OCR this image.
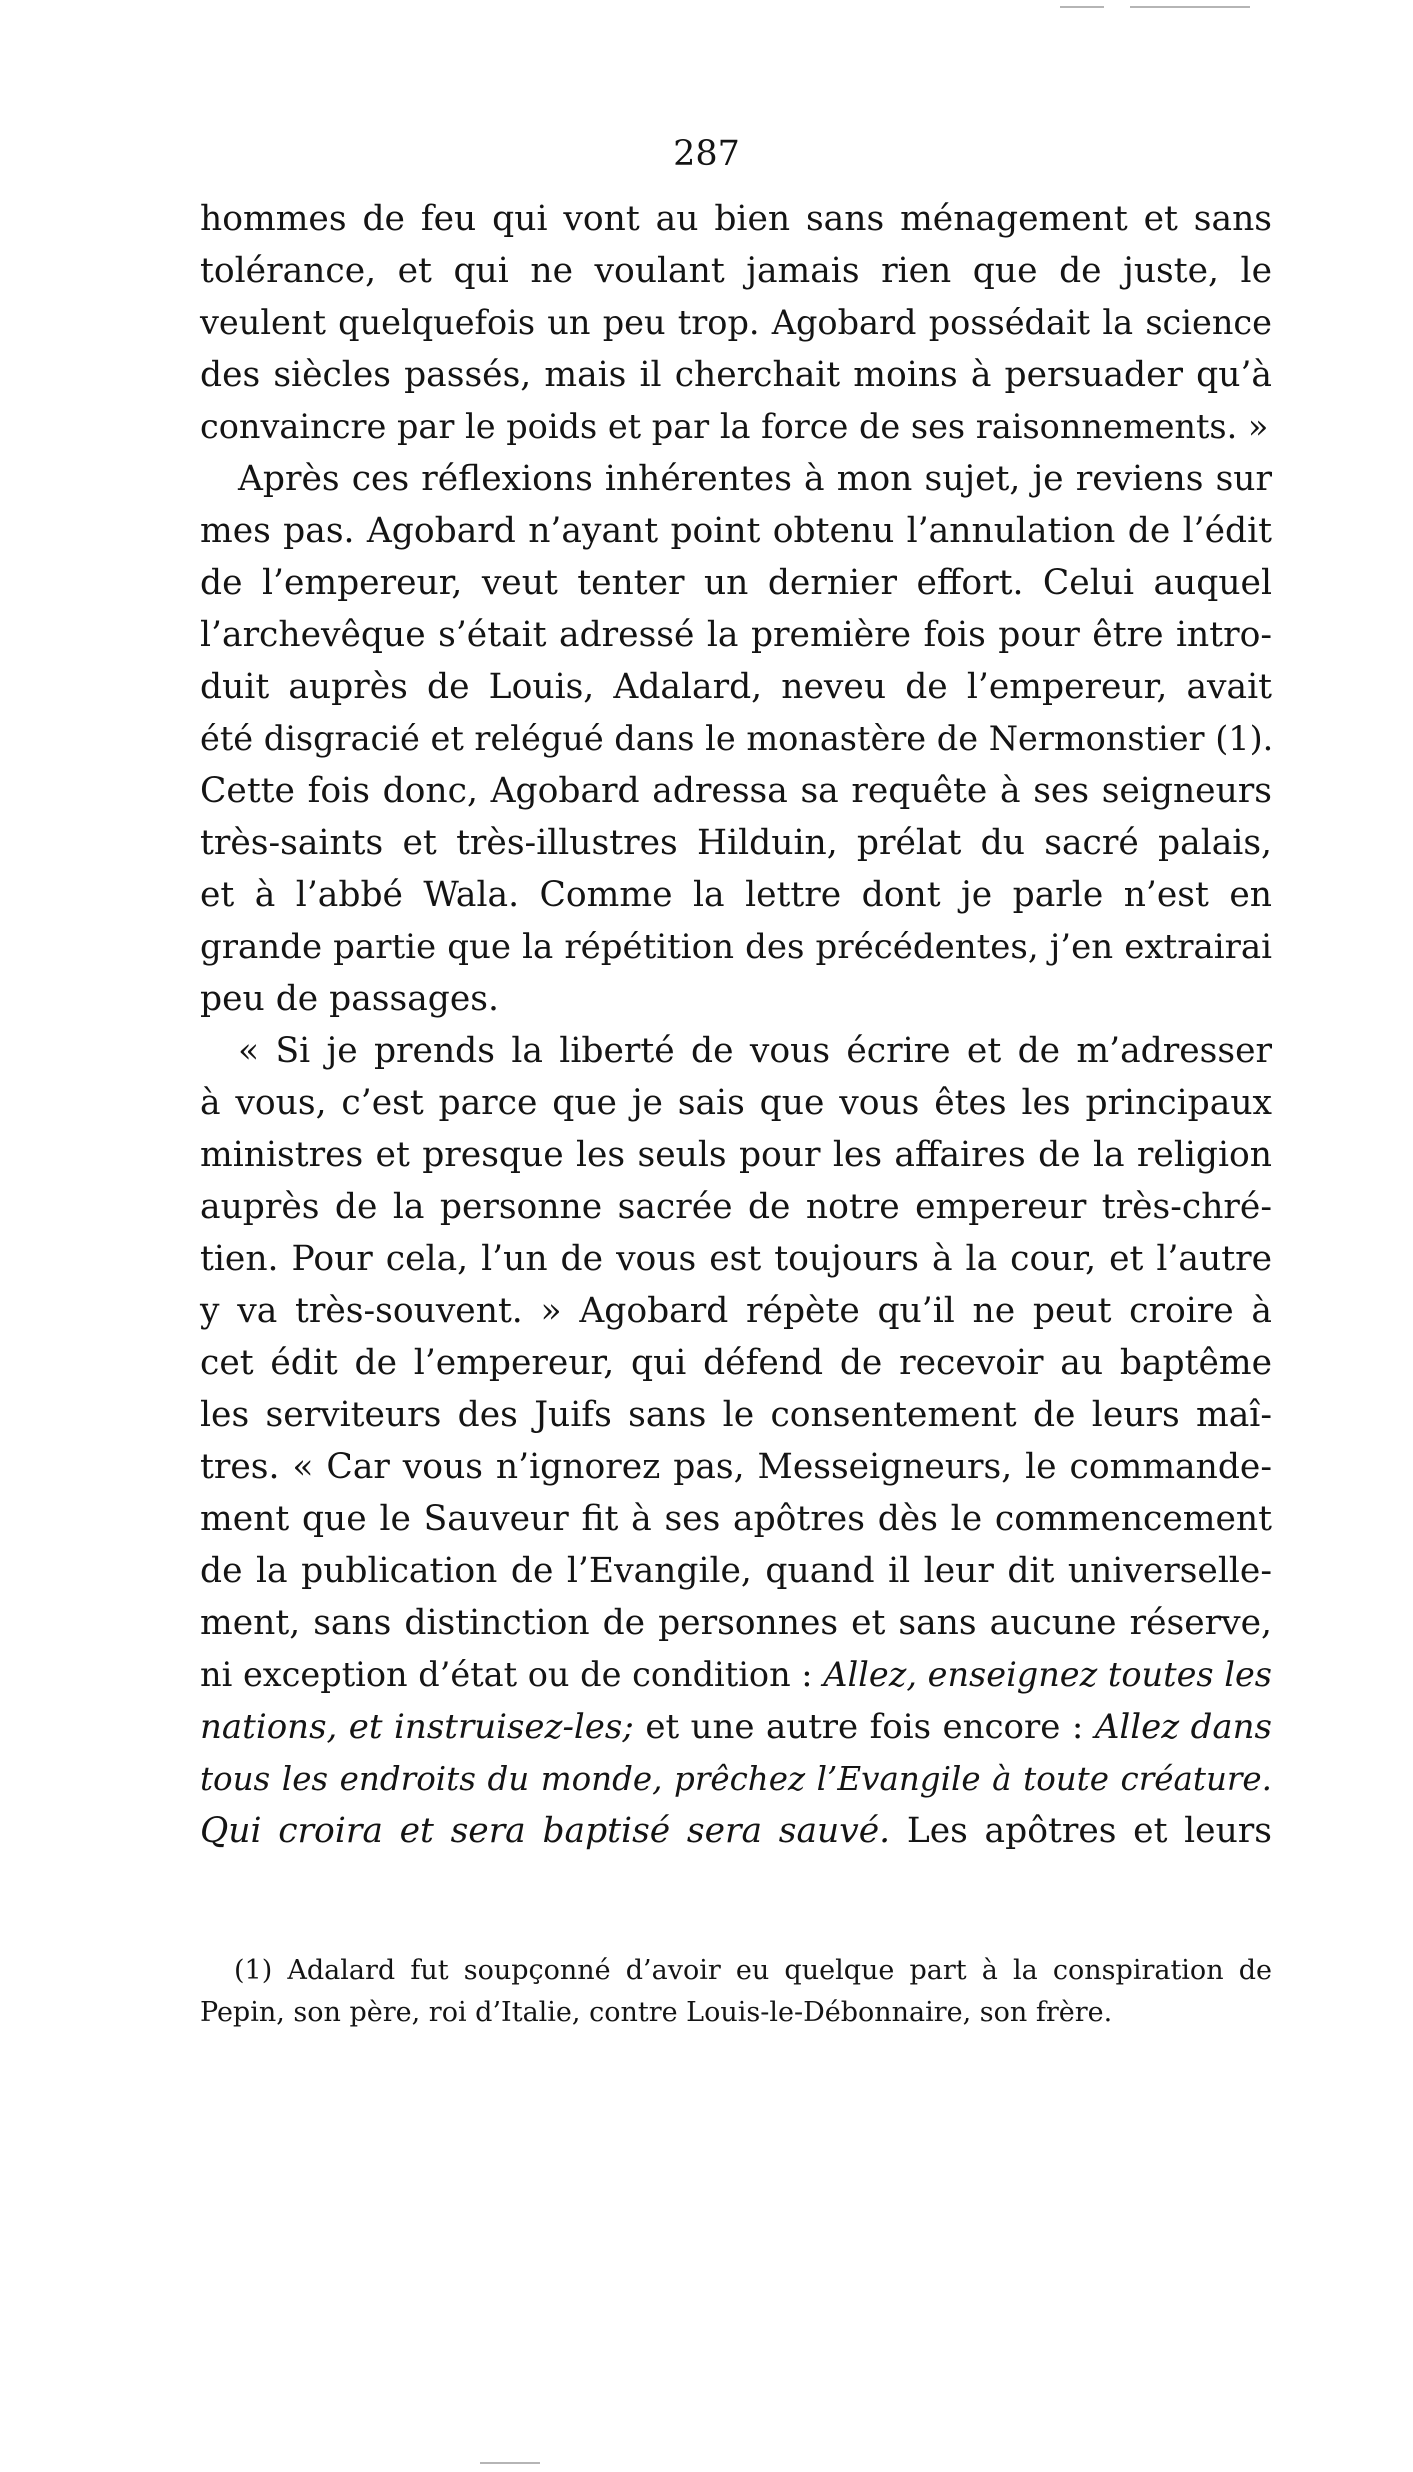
287
hommes de feu qui vont au bien sans ménagement et sans
tolérance, et qui ne voulant jamais rien que de juste, le
veulent quelquefois un peu trop. Agobard possédait la science
des siècles passés, mais il cherchait moins à persuader qu’à
convaincre par le poids et par la force de ses raisonnements. »
Après ces réflexions inhérentes à mon sujet, je reviens sur
mes pas. Agobard n’ayant point obtenu l’annulation de l’édit
de l’empereur, veut tenter un dernier effort. Celui auquel
l’archevêque s’était adressé la première fois pour être intro-
duit auprès de Louis, Adalard, neveu de l’empereur, avait
été disgracié et relégué dans le monastère de Nermonstier (1).
Cette fois donc, Agobard adressa sa requête à ses seigneurs
très-saints et très-illustres Hilduin, prélat du sacré palais,
et à l’abbé Wala. Comme la lettre dont je parle n’est en
grande partie que la répétition des précédentes, j’en extrairai
peu de passages.
« Si je prends la liberté de vous écrire et de m’adresser
à vous, c’est parce que je sais que vous êtes les principaux
ministres et presque les seuls pour les affaires de la religion
auprès de la personne sacrée de notre empereur très-chré-
tien. Pour cela, l’un de vous est toujours à la cour, et l’autre
y va très-souvent. » Agobard répète qu’il ne peut croire à
cet édit de l’empereur, qui défend de recevoir au baptême
les serviteurs des Juifs sans le consentement de leurs maî-
tres. « Car vous n’ignorez pas, Messeigneurs, le commande-
ment que le Sauveur fit à ses apôtres dès le commencement
de la publication de l’Evangile, quand il leur dit universelle-
ment, sans distinction de personnes et sans aucune réserve,
ni exception d’état ou de condition : Allez, enseignez toutes les
nations, et instruisez-les; et une autre fois encore : Allez dans
tous les endroits du monde, prêchez l’Evangile à toute créature.
Qui croira et sera baptisé sera sauvé. Les apôtres et leurs
(1) Adalard fut soupçonné d’avoir eu quelque part à la conspiration de
Pepin, son père, roi d’Italie, contre Louis-le-Débonnaire, son frère.
